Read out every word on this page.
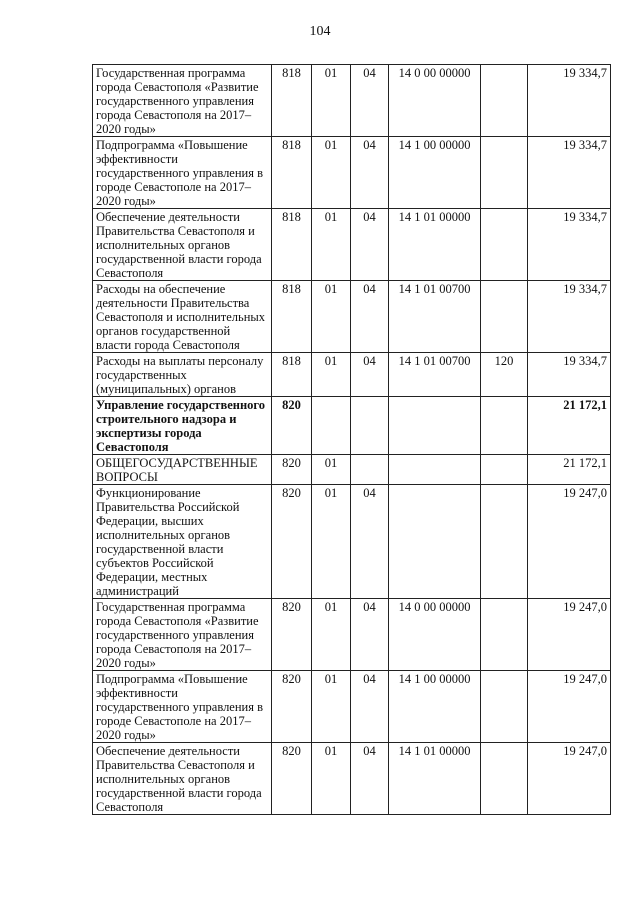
104
Государственная программа города Севастополя «Развитие государственного управления города Севастополя на 2017–2020 годы»	818	01	04	14 0 00 00000		19 334,7
Подпрограмма «Повышение эффективности государственного управления в городе Севастополе на 2017–2020 годы»	818	01	04	14 1 00 00000		19 334,7
Обеспечение деятельности Правительства Севастополя и исполнительных органов государственной власти города Севастополя	818	01	04	14 1 01 00000		19 334,7
Расходы на обеспечение деятельности Правительства Севастополя и исполнительных органов государственной власти города Севастополя	818	01	04	14 1 01 00700		19 334,7
Расходы на выплаты персоналу государственных (муниципальных) органов	818	01	04	14 1 01 00700	120	19 334,7
Управление государственного строительного надзора и экспертизы города Севастополя	820					21 172,1
ОБЩЕГОСУДАРСТВЕННЫЕ ВОПРОСЫ	820	01				21 172,1
Функционирование Правительства Российской Федерации, высших исполнительных органов государственной власти субъектов Российской Федерации, местных администраций	820	01	04			19 247,0
Государственная программа города Севастополя «Развитие государственного управления города Севастополя на 2017–2020 годы»	820	01	04	14 0 00 00000		19 247,0
Подпрограмма «Повышение эффективности государственного управления в городе Севастополе на 2017–2020 годы»	820	01	04	14 1 00 00000		19 247,0
Обеспечение деятельности Правительства Севастополя и исполнительных органов государственной власти города Севастополя	820	01	04	14 1 01 00000		19 247,0
